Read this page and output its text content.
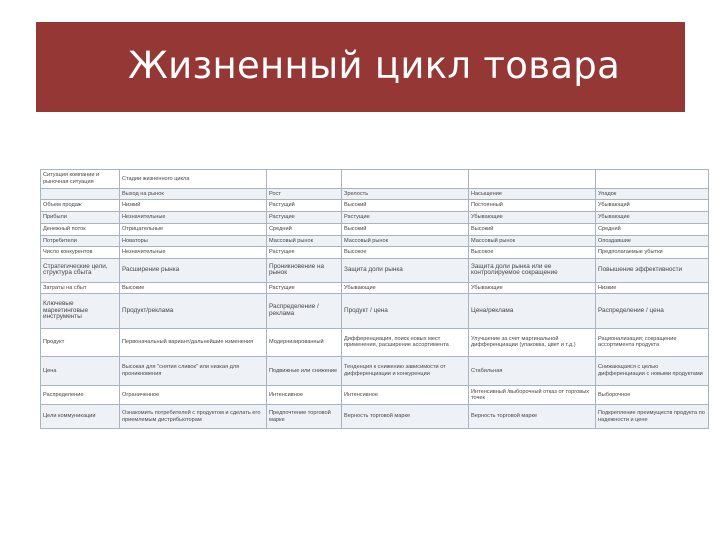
Жизненный цикл товара
Ситуация компании и рыночная ситуация	Стадии жизненного цикла				
	Выход на рынок	Рост	Зрелость	Насыщение	Упадок
Объем продаж	Низкий	Растущий	Высокий	Постоянный	Убывающий
Прибыли	Незначительные	Растущие	Растущие	Убывающие	Убывающие
Денежный поток	Отрицательные	Средний	Высокий	Высокий	Средний
Потребители	Новаторы	Массовый рынок	Массовый рынок	Массовый рынок	Опоздавшие
Число конкурентов	Незначительные	Растущее	Высокое	Высокое	Предполагаемые убытки
Стратегические цели, структура сбыта	Расширение рынка	Проникновение на рынок	Защита доли рынка	Защита доли рынка или ее контролируемое сокращение	Повышение эффективности
Затраты на сбыт	Высокие	Растущие	Убывающие	Убывающие	Низкие
Ключевые маркетинговые инструменты	Продукт/реклама	Распределение / реклама	Продукт / цена	Цена/реклама	Распределение / цена
Продукт	Первоначальный вариант/дальнейшие изменения	Модернизированный	Дифференциация, поиск новых мест применения, расширение ассортимента	Улучшение за счет маргинальной дифференциации (упаковка, цвет и т.д.)	Рационализация; сокращение ассортимента продукта
Цена	Высокая для "снятия сливок" или низкая для проникновения	Подвижные или снижение	Тенденция к снижению зависимости от дифференциации и конкуренции	Стабильная	Снижающаяся с целью дифференциации с новыми продуктами
Распределение	Ограниченное	Интенсивное	Интенсивное	Интенсивный /выборочный отказ от торговых точек	Выборочное
Цели коммуникации	Ознакомить потребителей с продуктом и сделать его приемлемым дистрибьюторам	Предпочтение торговой марке	Верность торговой марке	Верность торговой марке	Подкрепление преимуществ продукта по надежности и цене
